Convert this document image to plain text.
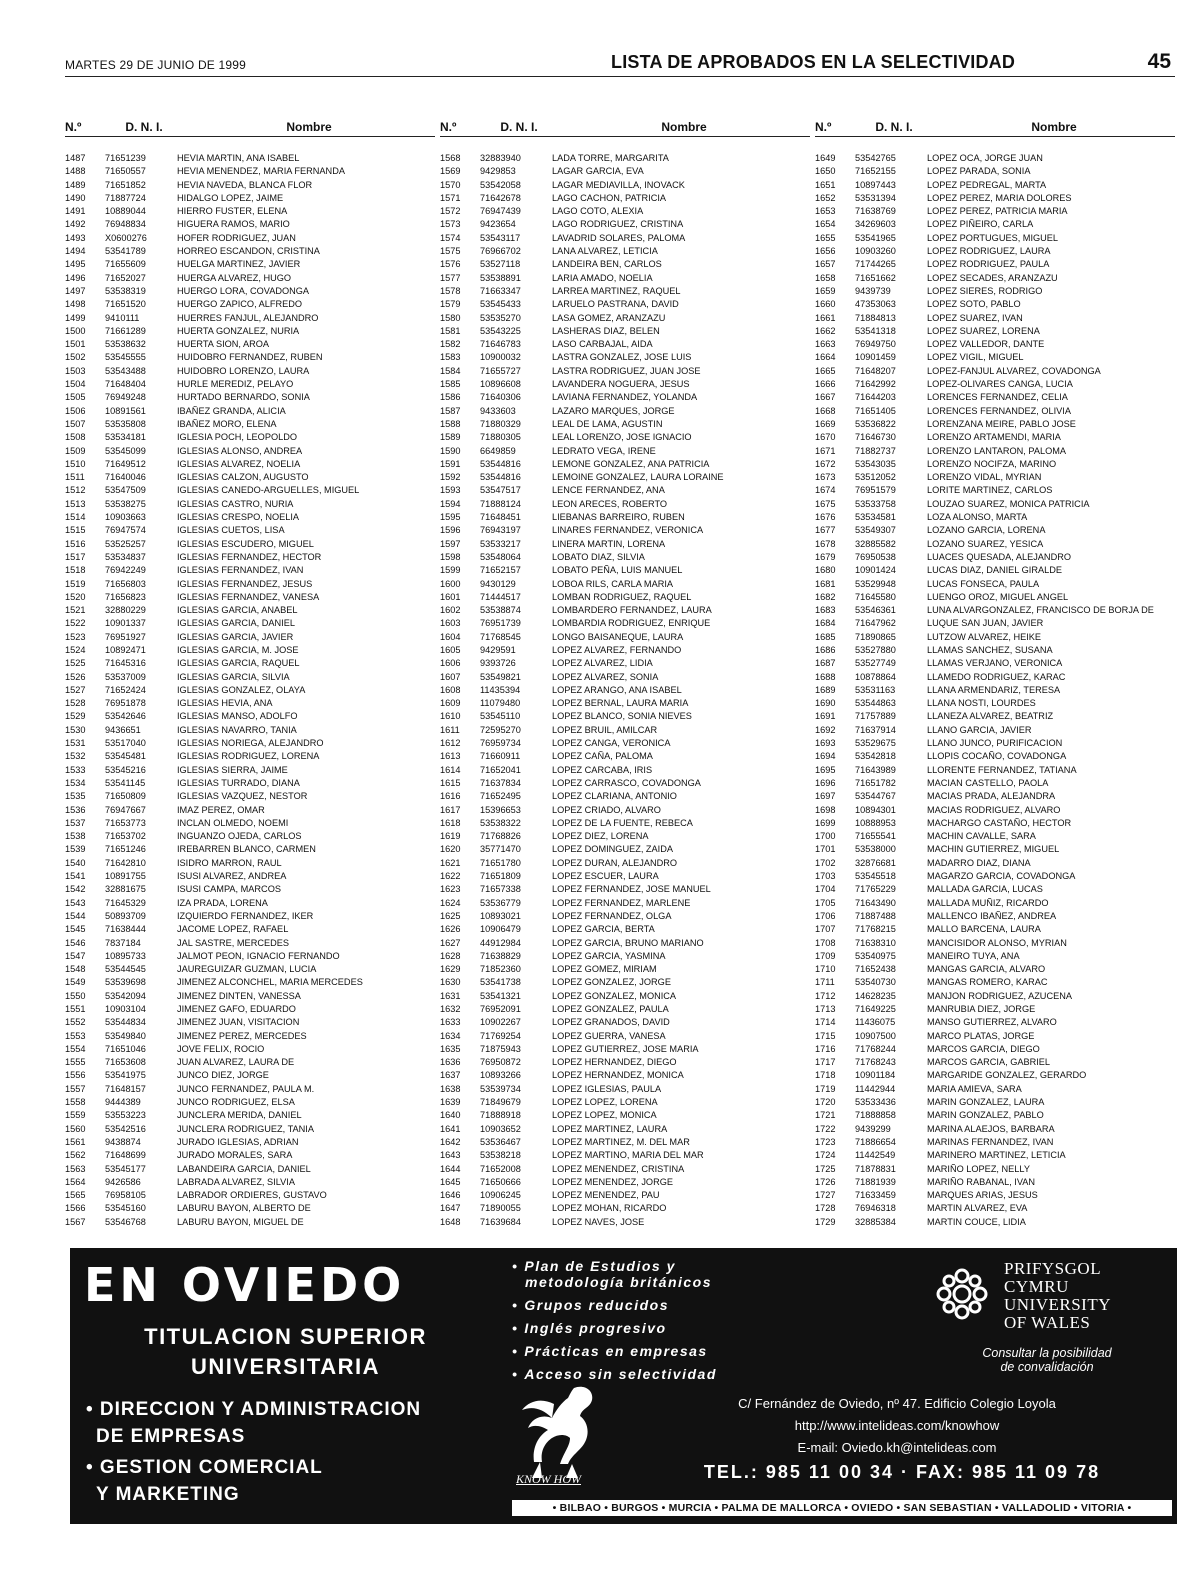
MARTES 29 DE JUNIO DE 1999	LISTA DE APROBADOS EN LA SELECTIVIDAD	45
N.º	D. N. I.	Nombre
1487	71651239	HEVIA MARTIN, ANA ISABEL
1488	71650557	HEVIA MENENDEZ, MARIA FERNANDA
1489	71651852	HEVIA NAVEDA, BLANCA FLOR
1490	71887724	HIDALGO LOPEZ, JAIME
1491	10889044	HIERRO FUSTER, ELENA
1492	76948834	HIGUERA RAMOS, MARIO
1493	X0600276	HOFER RODRIGUEZ, JUAN
1494	53541789	HORREO ESCANDON, CRISTINA
1495	71655609	HUELGA MARTINEZ, JAVIER
1496	71652027	HUERGA ALVAREZ, HUGO
1497	53538319	HUERGO LORA, COVADONGA
1498	71651520	HUERGO ZAPICO, ALFREDO
1499	9410111	HUERRES FANJUL, ALEJANDRO
1500	71661289	HUERTA GONZALEZ, NURIA
1501	53538632	HUERTA SION, AROA
1502	53545555	HUIDOBRO FERNANDEZ, RUBEN
1503	53543488	HUIDOBRO LORENZO, LAURA
1504	71648404	HURLE MEREDIZ, PELAYO
1505	76949248	HURTADO BERNARDO, SONIA
1506	10891561	IBAÑEZ GRANDA, ALICIA
1507	53535808	IBAÑEZ MORO, ELENA
1508	53534181	IGLESIA POCH, LEOPOLDO
1509	53545099	IGLESIAS ALONSO, ANDREA
1510	71649512	IGLESIAS ALVAREZ, NOELIA
1511	71640046	IGLESIAS CALZON, AUGUSTO
1512	53547509	IGLESIAS CANEDO-ARGUELLES, MIGUEL
1513	53538275	IGLESIAS CASTRO, NURIA
1514	10903663	IGLESIAS CRESPO, NOELIA
1515	76947574	IGLESIAS CUETOS, LISA
1516	53525257	IGLESIAS ESCUDERO, MIGUEL
1517	53534837	IGLESIAS FERNANDEZ, HECTOR
1518	76942249	IGLESIAS FERNANDEZ, IVAN
1519	71656803	IGLESIAS FERNANDEZ, JESUS
1520	71656823	IGLESIAS FERNANDEZ, VANESA
1521	32880229	IGLESIAS GARCIA, ANABEL
1522	10901337	IGLESIAS GARCIA, DANIEL
1523	76951927	IGLESIAS GARCIA, JAVIER
1524	10892471	IGLESIAS GARCIA, M. JOSE
1525	71645316	IGLESIAS GARCIA, RAQUEL
1526	53537009	IGLESIAS GARCIA, SILVIA
1527	71652424	IGLESIAS GONZALEZ, OLAYA
1528	76951878	IGLESIAS HEVIA, ANA
1529	53542646	IGLESIAS MANSO, ADOLFO
1530	9436651	IGLESIAS NAVARRO, TANIA
1531	53517040	IGLESIAS NORIEGA, ALEJANDRO
1532	53545481	IGLESIAS RODRIGUEZ, LORENA
1533	53545216	IGLESIAS SIERRA, JAIME
1534	53541145	IGLESIAS TURRADO, DIANA
1535	71650809	IGLESIAS VAZQUEZ, NESTOR
1536	76947667	IMAZ PEREZ, OMAR
1537	71653773	INCLAN OLMEDO, NOEMI
1538	71653702	INGUANZO OJEDA, CARLOS
1539	71651246	IREBARREN BLANCO, CARMEN
1540	71642810	ISIDRO MARRON, RAUL
1541	10891755	ISUSI ALVAREZ, ANDREA
1542	32881675	ISUSI CAMPA, MARCOS
1543	71645329	IZA PRADA, LORENA
1544	50893709	IZQUIERDO FERNANDEZ, IKER
1545	71638444	JACOME LOPEZ, RAFAEL
1546	7837184	JAL SASTRE, MERCEDES
1547	10895733	JALMOT PEON, IGNACIO FERNANDO
1548	53544545	JAUREGUIZAR GUZMAN, LUCIA
1549	53539698	JIMENEZ ALCONCHEL, MARIA MERCEDES
1550	53542094	JIMENEZ DINTEN, VANESSA
1551	10903104	JIMENEZ GAFO, EDUARDO
1552	53544834	JIMENEZ JUAN, VISITACION
1553	53549840	JIMENEZ PEREZ, MERCEDES
1554	71651046	JOVE FELIX, ROCIO
1555	71653608	JUAN ALVAREZ, LAURA DE
1556	53541975	JUNCO DIEZ, JORGE
1557	71648157	JUNCO FERNANDEZ, PAULA M.
1558	9444389	JUNCO RODRIGUEZ, ELSA
1559	53553223	JUNCLERA MERIDA, DANIEL
1560	53542516	JUNCLERA RODRIGUEZ, TANIA
1561	9438874	JURADO IGLESIAS, ADRIAN
1562	71648699	JURADO MORALES, SARA
1563	53545177	LABANDEIRA GARCIA, DANIEL
1564	9426586	LABRADA ALVAREZ, SILVIA
1565	76958105	LABRADOR ORDIERES, GUSTAVO
1566	53545160	LABURU BAYON, ALBERTO DE
1567	53546768	LABURU BAYON, MIGUEL DE
N.º	D. N. I.	Nombre
1568	32883940	LADA TORRE, MARGARITA
1569	9429853	LAGAR GARCIA, EVA
1570	53542058	LAGAR MEDIAVILLA, INOVACK
1571	71642678	LAGO CACHON, PATRICIA
1572	76947439	LAGO COTO, ALEXIA
1573	9423654	LAGO RODRIGUEZ, CRISTINA
1574	53543117	LAVADRID SOLARES, PALOMA
1575	76966702	LANA ALVAREZ, LETICIA
1576	53527118	LANDEIRA BEN, CARLOS
1577	53538891	LARIA AMADO, NOELIA
1578	71663347	LARREA MARTINEZ, RAQUEL
1579	53545433	LARUELO PASTRANA, DAVID
1580	53535270	LASA GOMEZ, ARANZAZU
1581	53543225	LASHERAS DIAZ, BELEN
1582	71646783	LASO CARBAJAL, AIDA
1583	10900032	LASTRA GONZALEZ, JOSE LUIS
1584	71655727	LASTRA RODRIGUEZ, JUAN JOSE
1585	10896608	LAVANDERA NOGUERA, JESUS
1586	71640306	LAVIANA FERNANDEZ, YOLANDA
1587	9433603	LAZARO MARQUES, JORGE
1588	71880329	LEAL DE LAMA, AGUSTIN
1589	71880305	LEAL LORENZO, JOSE IGNACIO
1590	6649859	LEDRATO VEGA, IRENE
1591	53544816	LEMONE GONZALEZ, ANA PATRICIA
1592	53544816	LEMOINE GONZALEZ, LAURA LORAINE
1593	53547517	LENCE FERNANDEZ, ANA
1594	71888124	LEON ARECES, ROBERTO
1595	71648451	LIEBANAS BARREIRO, RUBEN
1596	76943197	LINARES FERNANDEZ, VERONICA
1597	53533217	LINERA MARTIN, LORENA
1598	53548064	LOBATO DIAZ, SILVIA
1599	71652157	LOBATO PEÑA, LUIS MANUEL
1600	9430129	LOBOA RILS, CARLA MARIA
1601	71444517	LOMBAN RODRIGUEZ, RAQUEL
1602	53538874	LOMBARDERO FERNANDEZ, LAURA
1603	76951739	LOMBARDIA RODRIGUEZ, ENRIQUE
1604	71768545	LONGO BAISANEQUE, LAURA
1605	9429591	LOPEZ ALVAREZ, FERNANDO
1606	9393726	LOPEZ ALVAREZ, LIDIA
1607	53549821	LOPEZ ALVAREZ, SONIA
1608	11435394	LOPEZ ARANGO, ANA ISABEL
1609	11079480	LOPEZ BERNAL, LAURA MARIA
1610	53545110	LOPEZ BLANCO, SONIA NIEVES
1611	72595270	LOPEZ BRUIL, AMILCAR
1612	76959734	LOPEZ CANGA, VERONICA
1613	71660911	LOPEZ CAÑA, PALOMA
1614	71652041	LOPEZ CARCABA, IRIS
1615	71637834	LOPEZ CARRASCO, COVADONGA
1616	71652495	LOPEZ CLARIANA, ANTONIO
1617	15396653	LOPEZ CRIADO, ALVARO
1618	53538322	LOPEZ DE LA FUENTE, REBECA
1619	71768826	LOPEZ DIEZ, LORENA
1620	35771470	LOPEZ DOMINGUEZ, ZAIDA
1621	71651780	LOPEZ DURAN, ALEJANDRO
1622	71651809	LOPEZ ESCUER, LAURA
1623	71657338	LOPEZ FERNANDEZ, JOSE MANUEL
1624	53536779	LOPEZ FERNANDEZ, MARLENE
1625	10893021	LOPEZ FERNANDEZ, OLGA
1626	10906479	LOPEZ GARCIA, BERTA
1627	44912984	LOPEZ GARCIA, BRUNO MARIANO
1628	71638829	LOPEZ GARCIA, YASMINA
1629	71852360	LOPEZ GOMEZ, MIRIAM
1630	53541738	LOPEZ GONZALEZ, JORGE
1631	53541321	LOPEZ GONZALEZ, MONICA
1632	76952091	LOPEZ GONZALEZ, PAULA
1633	10902267	LOPEZ GRANADOS, DAVID
1634	71769254	LOPEZ GUERRA, VANESA
1635	71875943	LOPEZ GUTIERREZ, JOSE MARIA
1636	76950872	LOPEZ HERNANDEZ, DIEGO
1637	10893266	LOPEZ HERNANDEZ, MONICA
1638	53539734	LOPEZ IGLESIAS, PAULA
1639	71849679	LOPEZ LOPEZ, LORENA
1640	71888918	LOPEZ LOPEZ, MONICA
1641	10903652	LOPEZ MARTINEZ, LAURA
1642	53536467	LOPEZ MARTINEZ, M. DEL MAR
1643	53538218	LOPEZ MARTINO, MARIA DEL MAR
1644	71652008	LOPEZ MENENDEZ, CRISTINA
1645	71650666	LOPEZ MENENDEZ, JORGE
1646	10906245	LOPEZ MENENDEZ, PAU
1647	71890055	LOPEZ MOHAN, RICARDO
1648	71639684	LOPEZ NAVES, JOSE
N.º	D. N. I.	Nombre
1649	53542765	LOPEZ OCA, JORGE JUAN
1650	71652155	LOPEZ PARADA, SONIA
1651	10897443	LOPEZ PEDREGAL, MARTA
1652	53531394	LOPEZ PEREZ, MARIA DOLORES
1653	71638769	LOPEZ PEREZ, PATRICIA MARIA
1654	34269603	LOPEZ PIÑEIRO, CARLA
1655	53541965	LOPEZ PORTUGUES, MIGUEL
1656	10903260	LOPEZ RODRIGUEZ, LAURA
1657	71744265	LOPEZ RODRIGUEZ, PAULA
1658	71651662	LOPEZ SECADES, ARANZAZU
1659	9439739	LOPEZ SIERES, RODRIGO
1660	47353063	LOPEZ SOTO, PABLO
1661	71884813	LOPEZ SUAREZ, IVAN
1662	53541318	LOPEZ SUAREZ, LORENA
1663	76949750	LOPEZ VALLEDOR, DANTE
1664	10901459	LOPEZ VIGIL, MIGUEL
1665	71648207	LOPEZ-FANJUL ALVAREZ, COVADONGA
1666	71642992	LOPEZ-OLIVARES CANGA, LUCIA
1667	71644203	LORENCES FERNANDEZ, CELIA
1668	71651405	LORENCES FERNANDEZ, OLIVIA
1669	53536822	LORENZANA MEIRE, PABLO JOSE
1670	71646730	LORENZO ARTAMENDI, MARIA
1671	71882737	LORENZO LANTARON, PALOMA
1672	53543035	LORENZO NOCIFZA, MARINO
1673	53512052	LORENZO VIDAL, MYRIAN
1674	76951579	LORITE MARTINEZ, CARLOS
1675	53533758	LOUZAO SUAREZ, MONICA PATRICIA
1676	53534581	LOZA ALONSO, MARTA
1677	53549307	LOZANO GARCIA, LORENA
1678	32885582	LOZANO SUAREZ, YESICA
1679	76950538	LUACES QUESADA, ALEJANDRO
1680	10901424	LUCAS DIAZ, DANIEL GIRALDE
1681	53529948	LUCAS FONSECA, PAULA
1682	71645580	LUENGO OROZ, MIGUEL ANGEL
1683	53546361	LUNA ALVARGONZALEZ, FRANCISCO DE BORJA DE
1684	71647962	LUQUE SAN JUAN, JAVIER
1685	71890865	LUTZOW ALVAREZ, HEIKE
1686	53527880	LLAMAS SANCHEZ, SUSANA
1687	53527749	LLAMAS VERJANO, VERONICA
1688	10878864	LLAMEDO RODRIGUEZ, KARAC
1689	53531163	LLANA ARMENDARIZ, TERESA
1690	53544863	LLANA NOSTI, LOURDES
1691	71757889	LLANEZA ALVAREZ, BEATRIZ
1692	71637914	LLANO GARCIA, JAVIER
1693	53529675	LLANO JUNCO, PURIFICACION
1694	53542818	LLOPIS COCAÑO, COVADONGA
1695	71643989	LLORENTE FERNANDEZ, TATIANA
1696	71651782	MACIAN CASTELLO, PAOLA
1697	53544767	MACIAS PRADA, ALEJANDRA
1698	10894301	MACIAS RODRIGUEZ, ALVARO
1699	10888953	MACHARGO CASTAÑO, HECTOR
1700	71655541	MACHIN CAVALLE, SARA
1701	53538000	MACHIN GUTIERREZ, MIGUEL
1702	32876681	MADARRO DIAZ, DIANA
1703	53545518	MAGARZO GARCIA, COVADONGA
1704	71765229	MALLADA GARCIA, LUCAS
1705	71643490	MALLADA MUÑIZ, RICARDO
1706	71887488	MALLENCO IBAÑEZ, ANDREA
1707	71768215	MALLO BARCENA, LAURA
1708	71638310	MANCISIDOR ALONSO, MYRIAN
1709	53540975	MANEIRO TUYA, ANA
1710	71652438	MANGAS GARCIA, ALVARO
1711	53540730	MANGAS ROMERO, KARAC
1712	14628235	MANJON RODRIGUEZ, AZUCENA
1713	71649225	MANRUBIA DIEZ, JORGE
1714	11436075	MANSO GUTIERREZ, ALVARO
1715	10907500	MARCO PLATAS, JORGE
1716	71768244	MARCOS GARCIA, DIEGO
1717	71768243	MARCOS GARCIA, GABRIEL
1718	10901184	MARGARIDE GONZALEZ, GERARDO
1719	11442944	MARIA AMIEVA, SARA
1720	53533436	MARIN GONZALEZ, LAURA
1721	71888858	MARIN GONZALEZ, PABLO
1722	9439299	MARINA ALAEJOS, BARBARA
1723	71886654	MARINAS FERNANDEZ, IVAN
1724	11442549	MARINERO MARTINEZ, LETICIA
1725	71878831	MARIÑO LOPEZ, NELLY
1726	71881939	MARIÑO RABANAL, IVAN
1727	71633459	MARQUES ARIAS, JESUS
1728	76946318	MARTIN ALVAREZ, EVA
1729	32885384	MARTIN COUCE, LIDIA
EN OVIEDO
TITULACION SUPERIOR
UNIVERSITARIA
• DIRECCION Y ADMINISTRACION
DE EMPRESAS
• GESTION COMERCIAL
Y MARKETING
• Plan de Estudios y
metodología británicos
• Grupos reducidos
• Inglés progresivo
• Prácticas en empresas
• Acceso sin selectividad
PRIFYSGOL
CYMRU
UNIVERSITY
OF WALES
Consultar la posibilidad
de convalidación
KNOW HOW
C/ Fernández de Oviedo, nº 47. Edificio Colegio Loyola
http://www.intelideas.com/knowhow
E-mail: Oviedo.kh@intelideas.com
TEL.: 985 11 00 34 · FAX: 985 11 09 78
• BILBAO • BURGOS • MURCIA • PALMA DE MALLORCA • OVIEDO • SAN SEBASTIAN • VALLADOLID • VITORIA •
